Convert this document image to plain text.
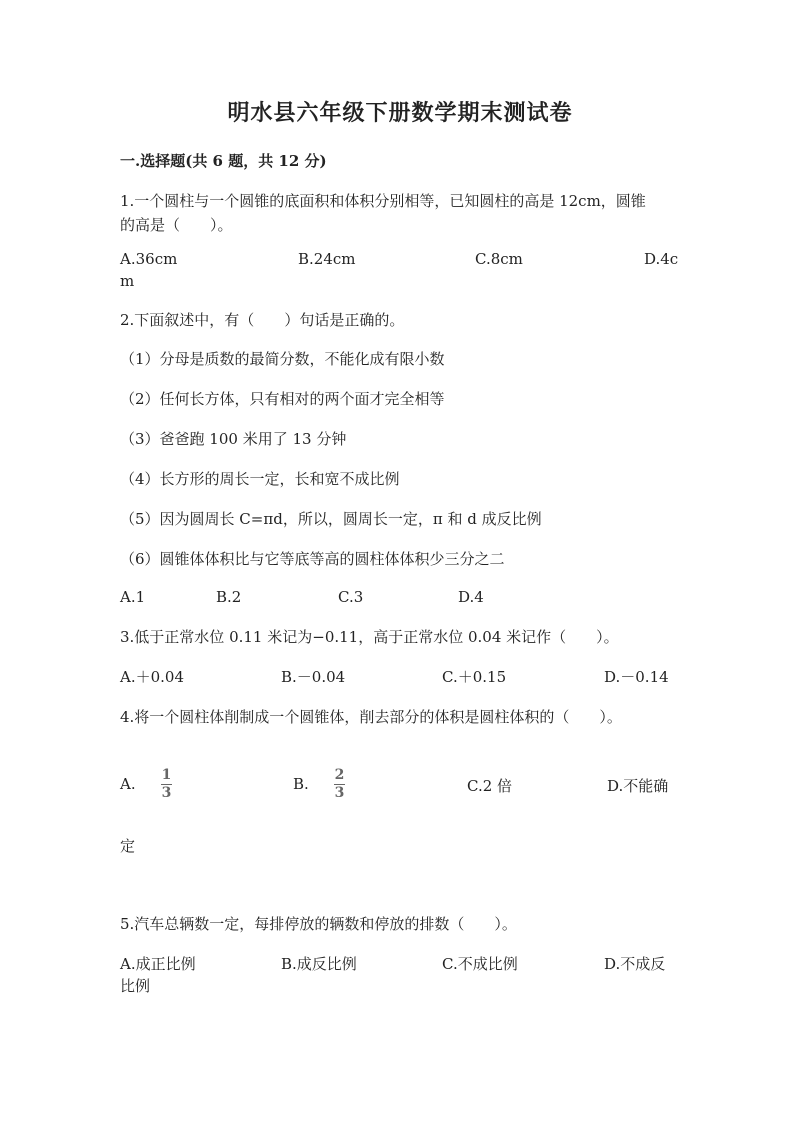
明水县六年级下册数学期末测试卷
一.选择题(共 6 题，共 12 分)
1.一个圆柱与一个圆锥的底面积和体积分别相等，已知圆柱的高是 12cm，圆锥
的高是（　　）。
A.36cm	B.24cm	C.8cm	D.4c
m
2.下面叙述中，有（　　）句话是正确的。
（1）分母是质数的最简分数，不能化成有限小数
（2）任何长方体，只有相对的两个面才完全相等
（3）爸爸跑 100 米用了 13 分钟
（4）长方形的周长一定，长和宽不成比例
（5）因为圆周长 C=πd，所以，圆周长一定，π 和 d 成反比例
（6）圆锥体体积比与它等底等高的圆柱体体积少三分之二
A.1	B.2	C.3	D.4
3.低于正常水位 0.11 米记为−0.11，高于正常水位 0.04 米记作（　　）。
A.＋0.04	B.－0.04	C.＋0.15	D.－0.14
4.将一个圆柱体削制成一个圆锥体，削去部分的体积是圆柱体积的（　　）。
A. 1
3	B. 2
3	C.2 倍	D.不能确
定
5.汽车总辆数一定，每排停放的辆数和停放的排数（　　）。
A.成正比例	B.成反比例	C.不成比例	D.不成反
比例
